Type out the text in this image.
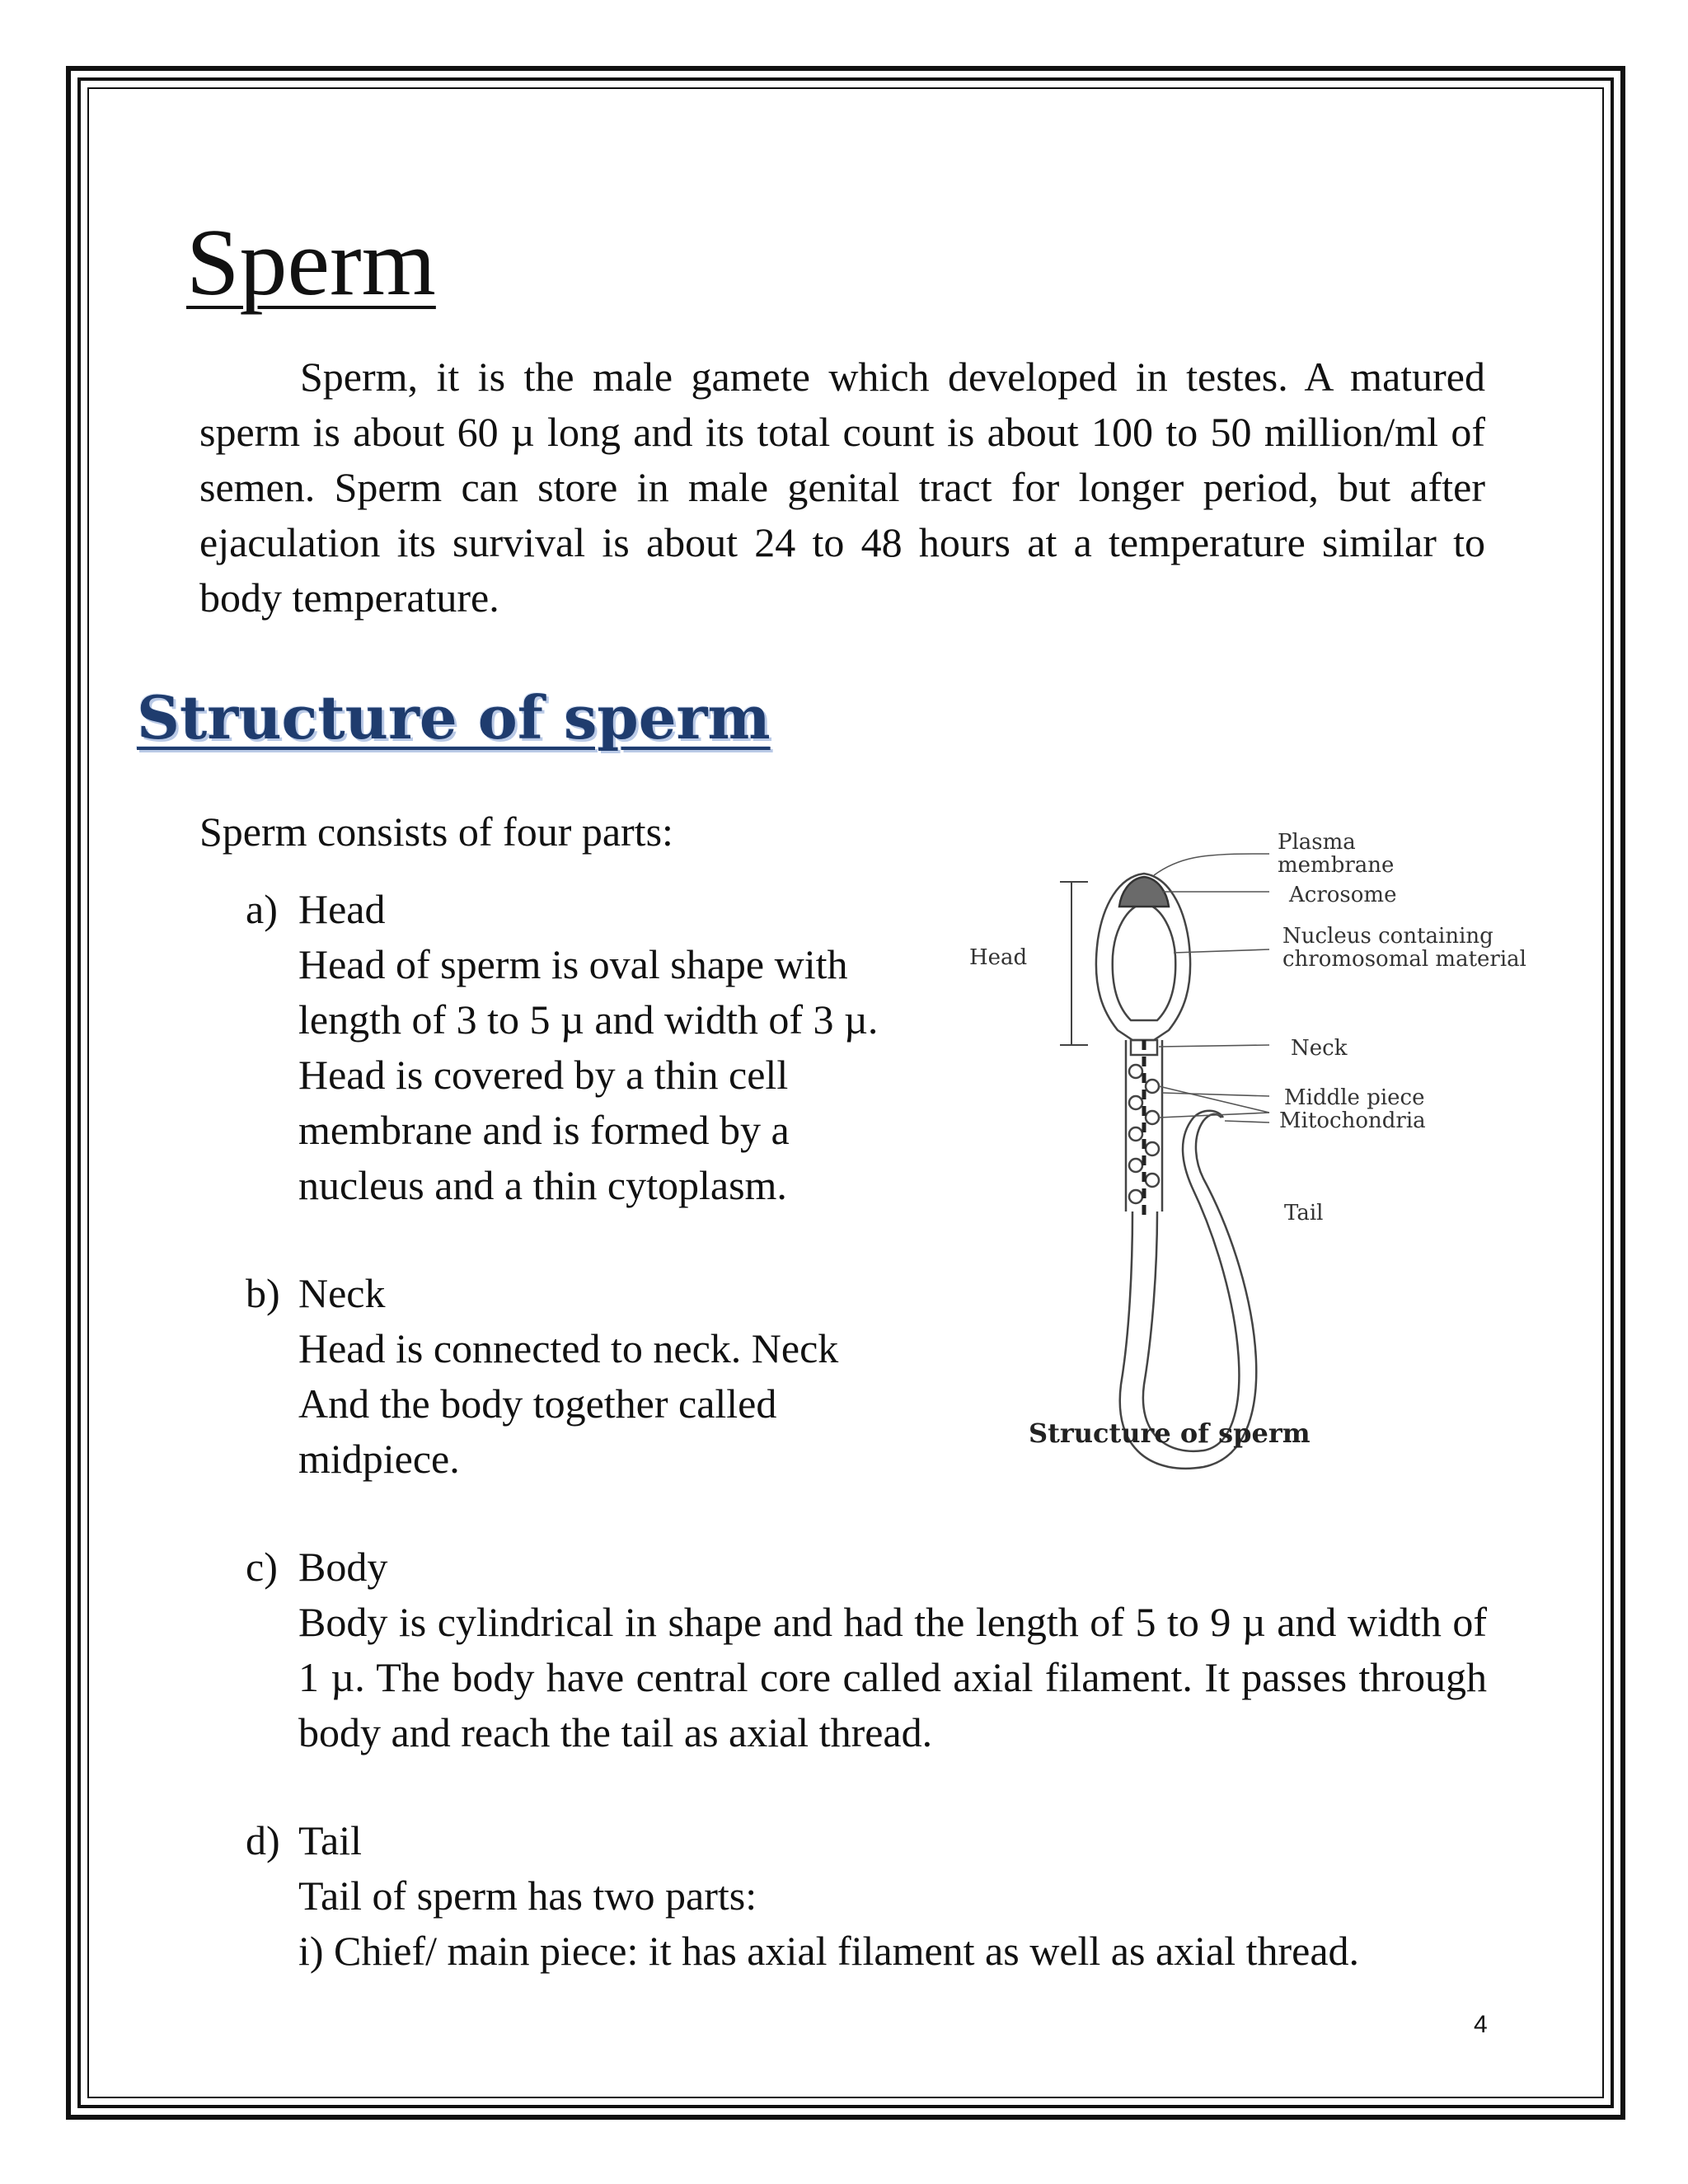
Sperm

Sperm, it is the male gamete which developed in testes. A matured sperm is about 60 µ long and its total count is about 100 to 50 million/ml of semen. Sperm can store in male genital tract for longer period, but after ejaculation its survival is about 24 to 48 hours at a temperature similar to body temperature.

Structure of sperm

Sperm consists of four parts:

a) Head
Head of sperm is oval shape with
length of 3 to 5 µ and width of 3 µ.
Head is covered by a thin cell
membrane and is formed by a
nucleus and a thin cytoplasm.
b) Neck
Head is connected to neck. Neck
And the body together called
midpiece.
c) Body
Body is cylindrical in shape and had the length of 5 to 9 µ and width of 1 µ. The body have central core called axial filament. It passes through body and reach the tail as axial thread.
d) Tail
Tail of sperm has two parts:
i) Chief/ main piece: it has axial filament as well as axial thread.
Plasma
membrane
Acrosome
Nucleus containing
chromosomal material
Head
Neck
Middle piece
Mitochondria
Tail
Structure of sperm

4
